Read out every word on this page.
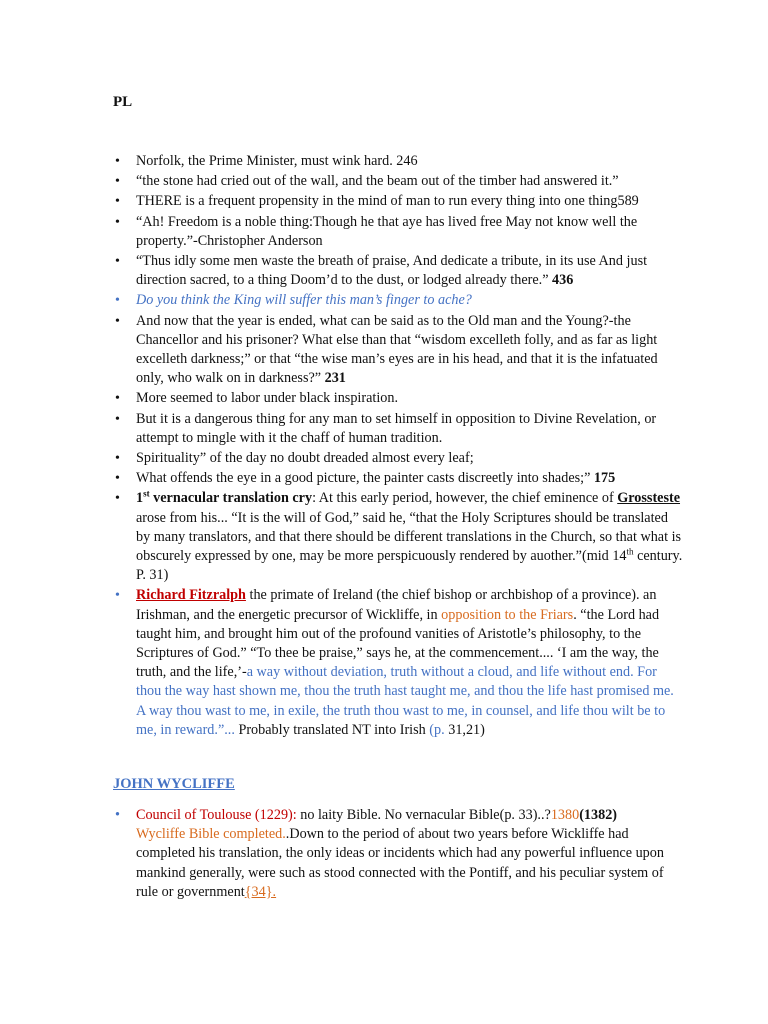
PL
• Norfolk, the Prime Minister, must wink hard. 246
• “the stone had cried out of the wall, and the beam out of the timber had answered it.”
• THERE is a frequent propensity in the mind of man to run every thing into one thing589
• “Ah! Freedom is a noble thing:Though he that aye has lived free May not know well the property.”-Christopher Anderson
• “Thus idly some men waste the breath of praise, And dedicate a tribute, in its use And just direction sacred, to a thing Doom’d to the dust, or lodged already there.” 436
• Do you think the King will suffer this man’s finger to ache?
• And now that the year is ended, what can be said as to the Old man and the Young?-the Chancellor and his prisoner? What else than that “wisdom excelleth folly, and as far as light excelleth darkness;” or that “the wise man’s eyes are in his head, and that it is the infatuated only, who walk on in darkness?” 231
• More seemed to labor under black inspiration.
• But it is a dangerous thing for any man to set himself in opposition to Divine Revelation, or attempt to mingle with it the chaff of human tradition.
• Spirituality” of the day no doubt dreaded almost every leaf;
• What offends the eye in a good picture, the painter casts discreetly into shades;” 175
• 1st vernacular translation cry: At this early period, however, the chief eminence of Grossteste arose from his... “It is the will of God,” said he, “that the Holy Scriptures should be translated by many translators, and that there should be different translations in the Church, so that what is obscurely expressed by one, may be more perspicuously rendered by auother.”(mid 14th century. P. 31)
• Richard Fitzralph the primate of Ireland (the chief bishop or archbishop of a province). an Irishman, and the energetic precursor of Wickliffe, in opposition to the Friars. “the Lord had taught him, and brought him out of the profound vanities of Aristotle’s philosophy, to the Scriptures of God.” “To thee be praise,” says he, at the commencement.... ‘I am the way, the truth, and the life,’-a way without deviation, truth without a cloud, and life without end. For thou the way hast shown me, thou the truth hast taught me, and thou the life hast promised me. A way thou wast to me, in exile, the truth thou wast to me, in counsel, and life thou wilt be to me, in reward.”... Probably translated NT into Irish (p. 31,21)
JOHN WYCLIFFE
• Council of Toulouse (1229): no laity Bible. No vernacular Bible(p. 33)..?1380(1382)
Wycliffe Bible completed..Down to the period of about two years before Wickliffe had completed his translation, the only ideas or incidents which had any powerful influence upon mankind generally, were such as stood connected with the Pontiff, and his peculiar system of rule or government{34}.
